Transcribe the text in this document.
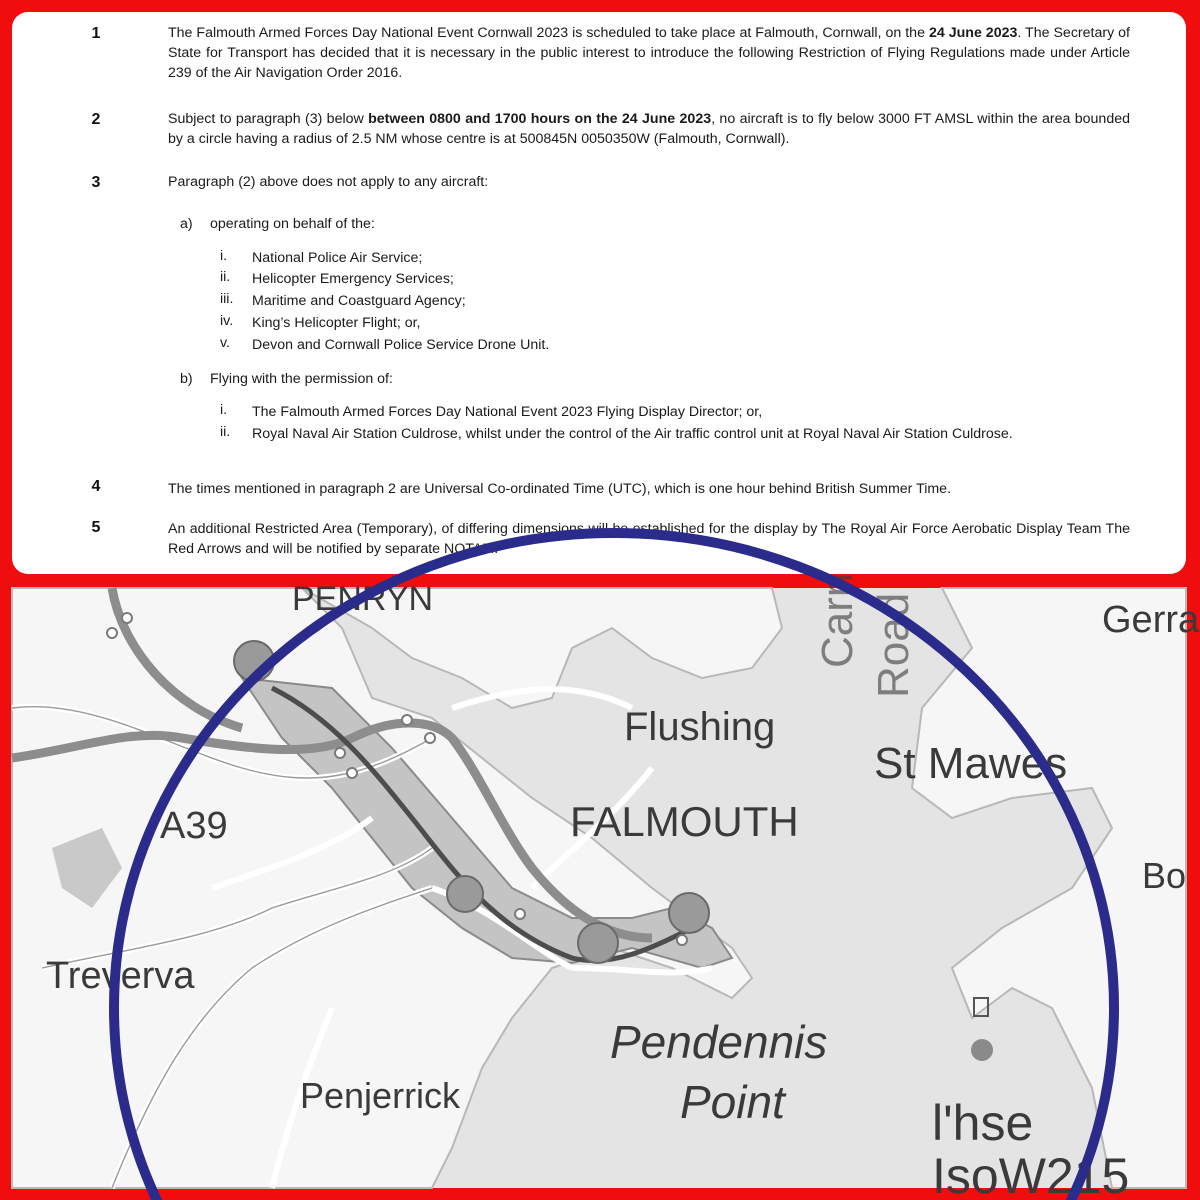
1	The Falmouth Armed Forces Day National Event Cornwall 2023 is scheduled to take place at Falmouth, Cornwall, on the 24 June 2023. The Secretary of State for Transport has decided that it is necessary in the public interest to introduce the following Restriction of Flying Regulations made under Article 239 of the Air Navigation Order 2016.
2	Subject to paragraph (3) below between 0800 and 1700 hours on the 24 June 2023, no aircraft is to fly below 3000 FT AMSL within the area bounded by a circle having a radius of 2.5 NM whose centre is at 500845N 0050350W (Falmouth, Cornwall).
3	Paragraph (2) above does not apply to any aircraft:
a) operating on behalf of the:
i.	National Police Air Service;
ii.	Helicopter Emergency Services;
iii.	Maritime and Coastguard Agency;
iv.	King’s Helicopter Flight; or,
v.	Devon and Cornwall Police Service Drone Unit.
b) Flying with the permission of:
i.	The Falmouth Armed Forces Day National Event 2023 Flying Display Director; or,
ii.	Royal Naval Air Station Culdrose, whilst under the control of the Air traffic control unit at Royal Naval Air Station Culdrose.
4	The times mentioned in paragraph 2 are Universal Co-ordinated Time (UTC), which is one hour behind British Summer Time.
5	An additional Restricted Area (Temporary), of differing dimensions will be established for the display by The Royal Air Force Aerobatic Display Team The Red Arrows and will be notified by separate NOTAM.
PENRYN
Flushing
FALMOUTH
St Mawes
A39
Treverva
Penjerrick
Pendennis
Point	l'hse
IsoW215
Carri Road	Gerra
Bo
